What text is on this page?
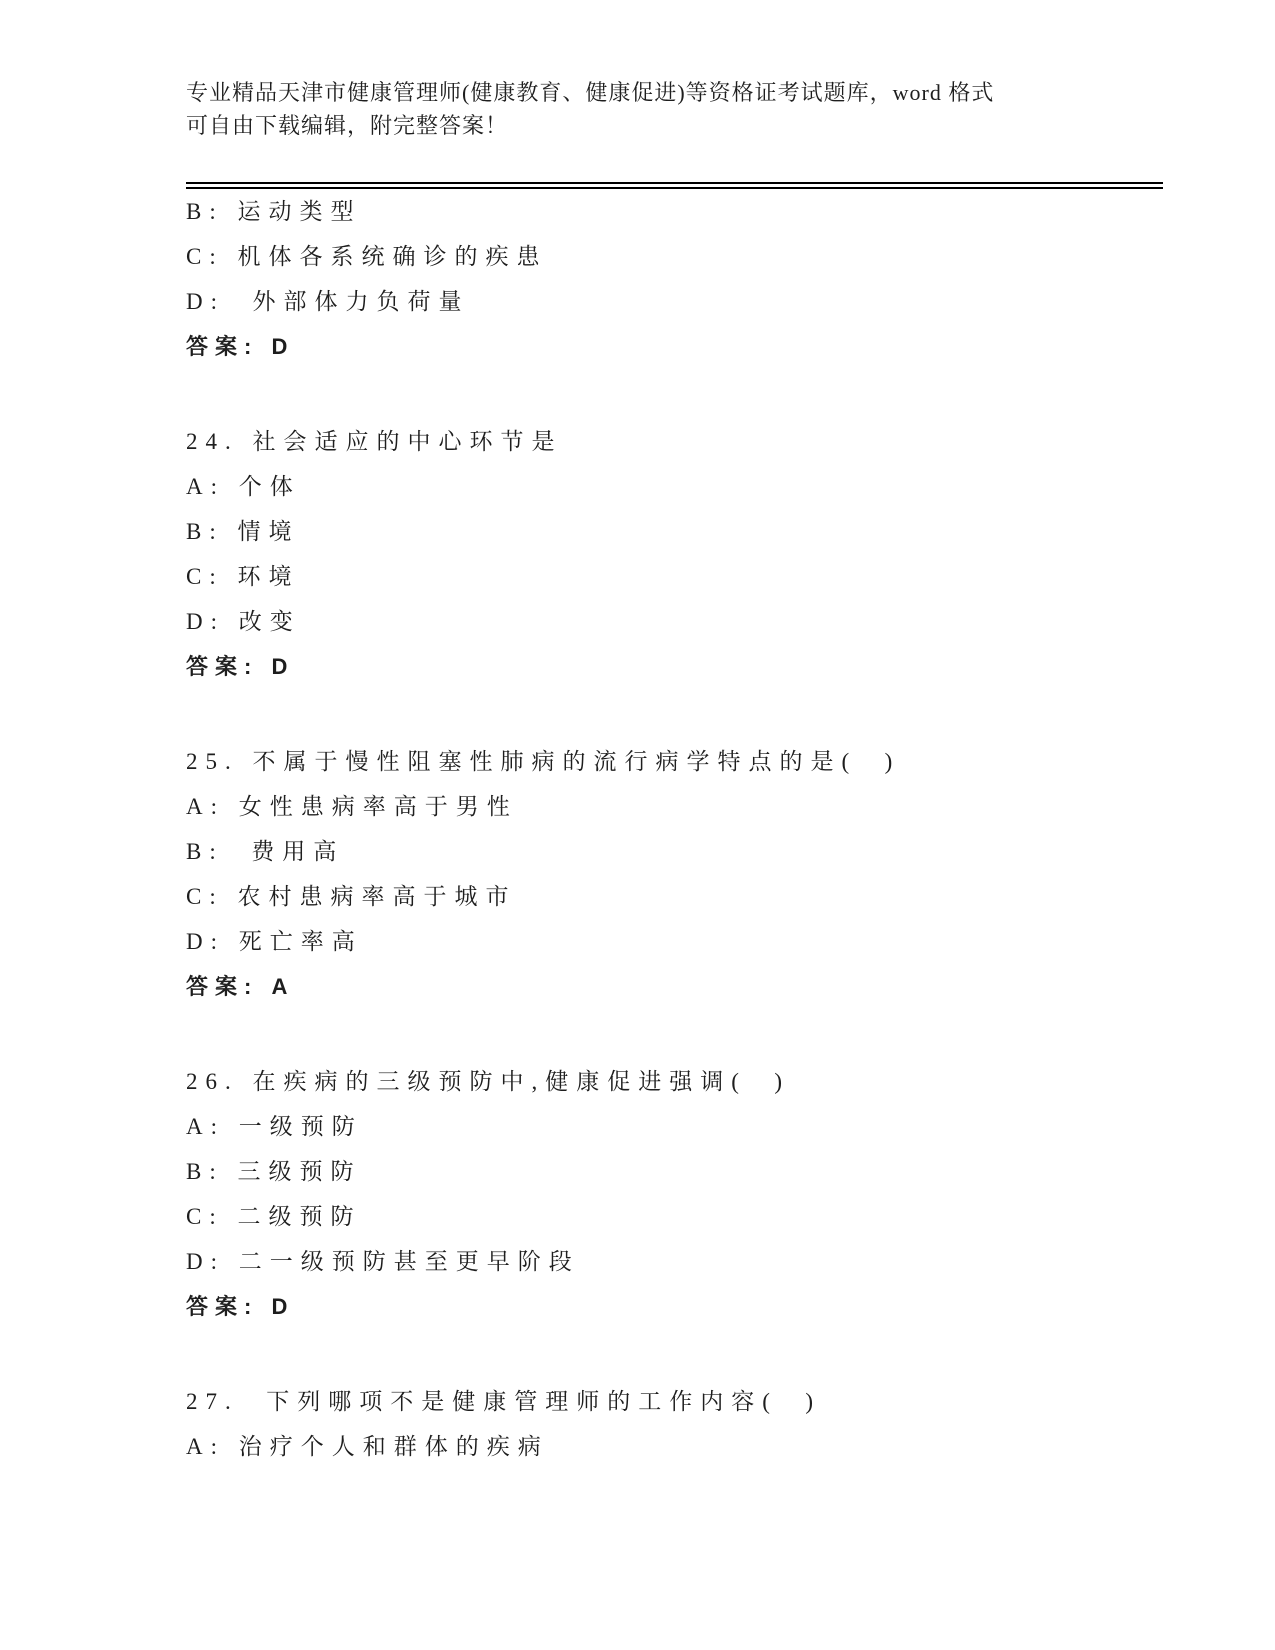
专业精品天津市健康管理师(健康教育、健康促进)等资格证考试题库，word 格式
可自由下载编辑，附完整答案！

B: 运动类型

C: 机体各系统确诊的疾患

D:  外部体力负荷量

答案: D

24. 社会适应的中心环节是

A: 个体

B: 情境

C: 环境

D: 改变

答案: D

25. 不属于慢性阻塞性肺病的流行病学特点的是(  )

A: 女性患病率高于男性

B:  费用高

C: 农村患病率高于城市

D: 死亡率高

答案: A

26. 在疾病的三级预防中,健康促进强调(  )

A: 一级预防

B: 三级预防

C: 二级预防

D: 二一级预防甚至更早阶段

答案: D

27.  下列哪项不是健康管理师的工作内容(  )

A: 治疗个人和群体的疾病
